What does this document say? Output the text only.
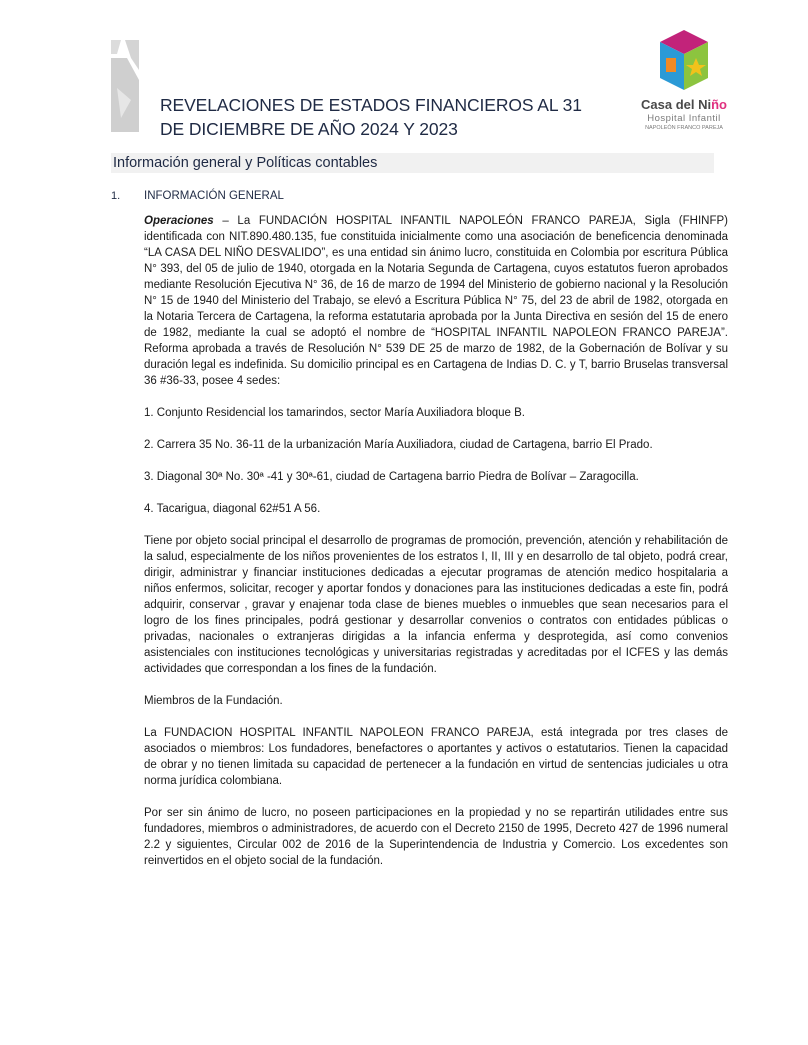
REVELACIONES DE ESTADOS FINANCIEROS AL 31 DE DICIEMBRE DE AÑO 2024 Y 2023
Casa del Niño
Hospital Infantil
NAPOLEÓN FRANCO PAREJA
Información general y Políticas contables
1. INFORMACIÓN GENERAL

Operaciones – La FUNDACIÓN HOSPITAL INFANTIL NAPOLEÓN FRANCO PAREJA, Sigla (FHINFP) identificada con NIT.890.480.135, fue constituida inicialmente como una asociación de beneficencia denominada “LA CASA DEL NIÑO DESVALIDO”, es una entidad sin ánimo lucro, constituida en Colombia por escritura Pública N° 393, del 05 de julio de 1940, otorgada en la Notaria Segunda de Cartagena, cuyos estatutos fueron aprobados mediante Resolución Ejecutiva N° 36, de 16 de marzo de 1994 del Ministerio de gobierno nacional y la Resolución N° 15 de 1940 del Ministerio del Trabajo, se elevó a Escritura Pública N° 75, del 23 de abril de 1982, otorgada en la Notaria Tercera de Cartagena, la reforma estatutaria aprobada por la Junta Directiva en sesión del 15 de enero de 1982, mediante la cual se adoptó el nombre de “HOSPITAL INFANTIL NAPOLEON FRANCO PAREJA”. Reforma aprobada a través de Resolución N° 539 DE 25 de marzo de 1982, de la Gobernación de Bolívar y su duración legal es indefinida. Su domicilio principal es en Cartagena de Indias D. C. y T, barrio Bruselas transversal 36 #36-33, posee 4 sedes:

1. Conjunto Residencial los tamarindos, sector María Auxiliadora bloque B.

2. Carrera 35 No. 36-11 de la urbanización María Auxiliadora, ciudad de Cartagena, barrio El Prado.

3. Diagonal 30ª No. 30ª -41 y 30ª-61, ciudad de Cartagena barrio Piedra de Bolívar – Zaragocilla.

4. Tacarigua, diagonal 62#51 A 56.

Tiene por objeto social principal el desarrollo de programas de promoción, prevención, atención y rehabilitación de la salud, especialmente de los niños provenientes de los estratos I, II, III y en desarrollo de tal objeto, podrá crear, dirigir, administrar y financiar instituciones dedicadas a ejecutar programas de atención medico hospitalaria a niños enfermos, solicitar, recoger y aportar fondos y donaciones para las instituciones dedicadas a este fin, podrá adquirir, conservar , gravar y enajenar toda clase de bienes muebles o inmuebles que sean necesarios para el logro de los fines principales, podrá gestionar y desarrollar convenios o contratos con entidades públicas o privadas, nacionales o extranjeras dirigidas a la infancia enferma y desprotegida, así como convenios asistenciales con instituciones tecnológicas y universitarias registradas y acreditadas por el ICFES y las demás actividades que correspondan a los fines de la fundación.

Miembros de la Fundación.

La FUNDACION HOSPITAL INFANTIL NAPOLEON FRANCO PAREJA, está integrada por tres clases de asociados o miembros: Los fundadores, benefactores o aportantes y activos o estatutarios. Tienen la capacidad de obrar y no tienen limitada su capacidad de pertenecer a la fundación en virtud de sentencias judiciales u otra norma jurídica colombiana.

Por ser sin ánimo de lucro, no poseen participaciones en la propiedad y no se repartirán utilidades entre sus fundadores, miembros o administradores, de acuerdo con el Decreto 2150 de 1995, Decreto 427 de 1996 numeral 2.2 y siguientes, Circular 002 de 2016 de la Superintendencia de Industria y Comercio. Los excedentes son reinvertidos en el objeto social de la fundación.
